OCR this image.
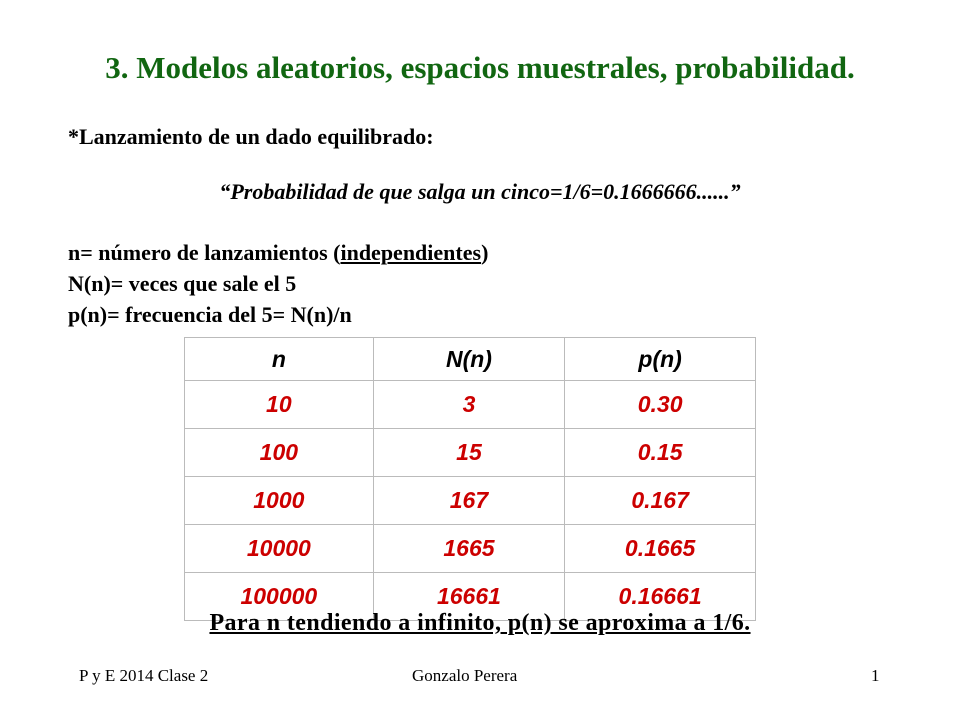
3. Modelos aleatorios, espacios muestrales, probabilidad.
*Lanzamiento de un dado equilibrado:
“Probabilidad de que salga un cinco=1/6=0.1666666......”
n= número de lanzamientos (independientes)
N(n)= veces que sale el 5
p(n)= frecuencia del 5= N(n)/n
n	N(n)	p(n)
10	3	0.30
100	15	0.15
1000	167	0.167
10000	1665	0.1665
100000	16661	0.16661
Para n tendiendo a infinito, p(n) se aproxima a 1/6.
P y E 2014 Clase 2	Gonzalo Perera	1
